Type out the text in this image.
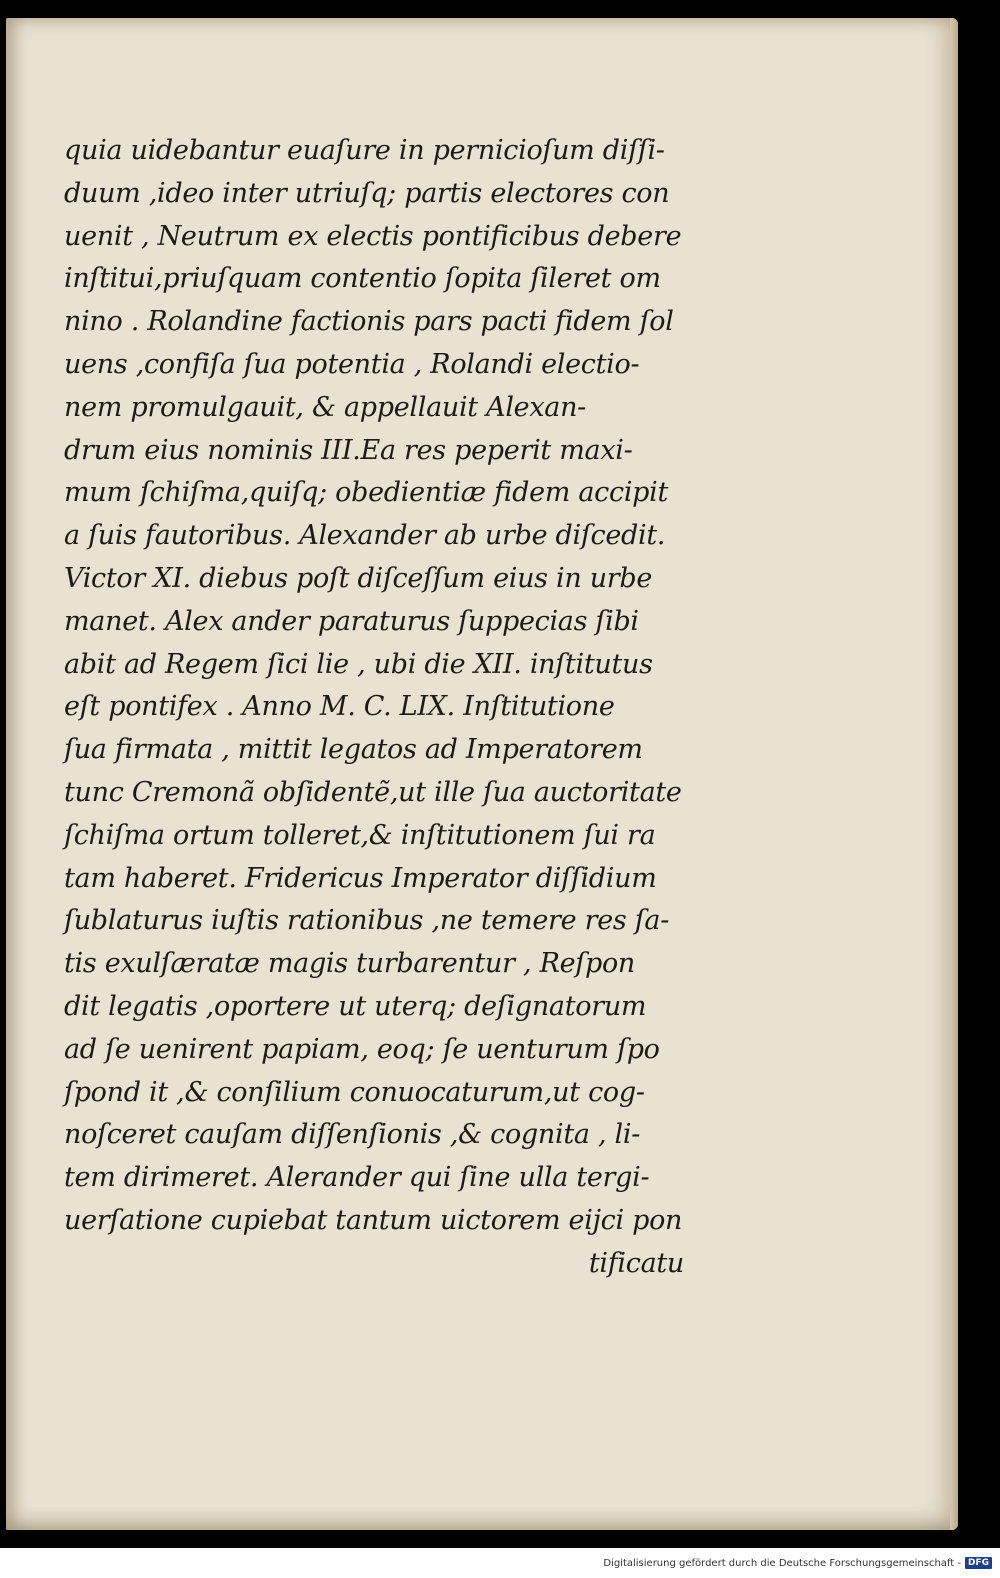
quia uidebantur euaſure in pernicioſum diſſi-
duum ,ideo inter utriuſq; partis electores con
uenit , Neutrum ex electis pontificibus debere
inſtitui,priuſquam contentio ſopita ſileret om
nino . Rolandine factionis pars pacti fidem ſol
uens ,confiſa ſua potentia , Rolandi electio-
nem promulgauit, & appellauit Alexan-
drum eius nominis III.Ea res peperit maxi-
mum ſchiſma,quiſq; obedientiæ fidem accipit
a ſuis fautoribus. Alexander ab urbe diſcedit.
Victor XI. diebus poſt diſceſſum eius in urbe
manet. Alex ander paraturus ſuppecias ſibi
abit ad Regem ſici lie , ubi die XII. inſtitutus
eſt pontifex . Anno M. C. LIX. Inſtitutione
ſua firmata , mittit legatos ad Imperatorem
tunc Cremonã obſidentẽ,ut ille ſua auctoritate
ſchiſma ortum tolleret,& inſtitutionem ſui ra
tam haberet. Fridericus Imperator diſſidium
ſublaturus iuſtis rationibus ,ne temere res ſa-
tis exulſæratæ magis turbarentur , Reſpon
dit legatis ,oportere ut uterq; deſignatorum
ad ſe uenirent papiam, eoq; ſe uenturum ſpo
ſpond it ,& conſilium conuocaturum,ut cog-
noſceret cauſam diſſenſionis ,& cognita , li-
tem dirimeret. Alerander qui ſine ulla tergi-
uerſatione cupiebat tantum uictorem eijci pon
tificatu
Digitalisierung gefördert durch die Deutsche Forschungsgemeinschaft - DFG
